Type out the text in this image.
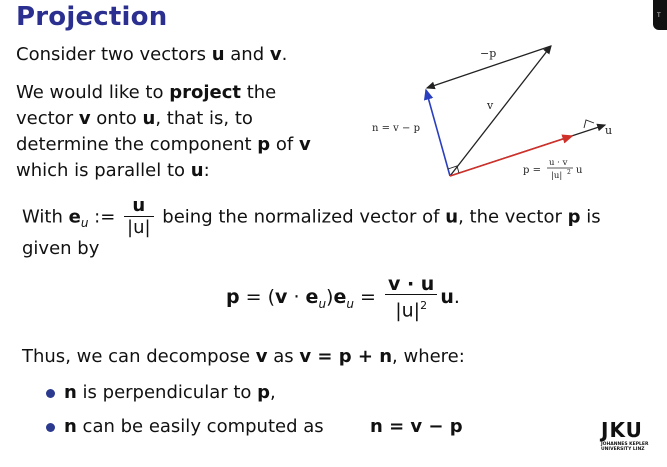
Projection	T
Consider two vectors u and v.
We would like to project the
vector v onto u, that is, to
determine the component p of v
which is parallel to u:
−p
v
u
n = v − p
p =
u · v
|u| 2 u
With $e_u$ := $\frac{u}{|u|}$ being the normalized vector of u, the vector p is
given by
$p = (v \cdot e_u)e_u = \frac{v \cdot u}{|u|^2} u$.
Thus, we can decompose v as v = p + n, where:
n is perpendicular to p,
n can be easily computed as	n = v − p	JKU
JOHANNES KEPLER
UNIVERSITY LINZ
